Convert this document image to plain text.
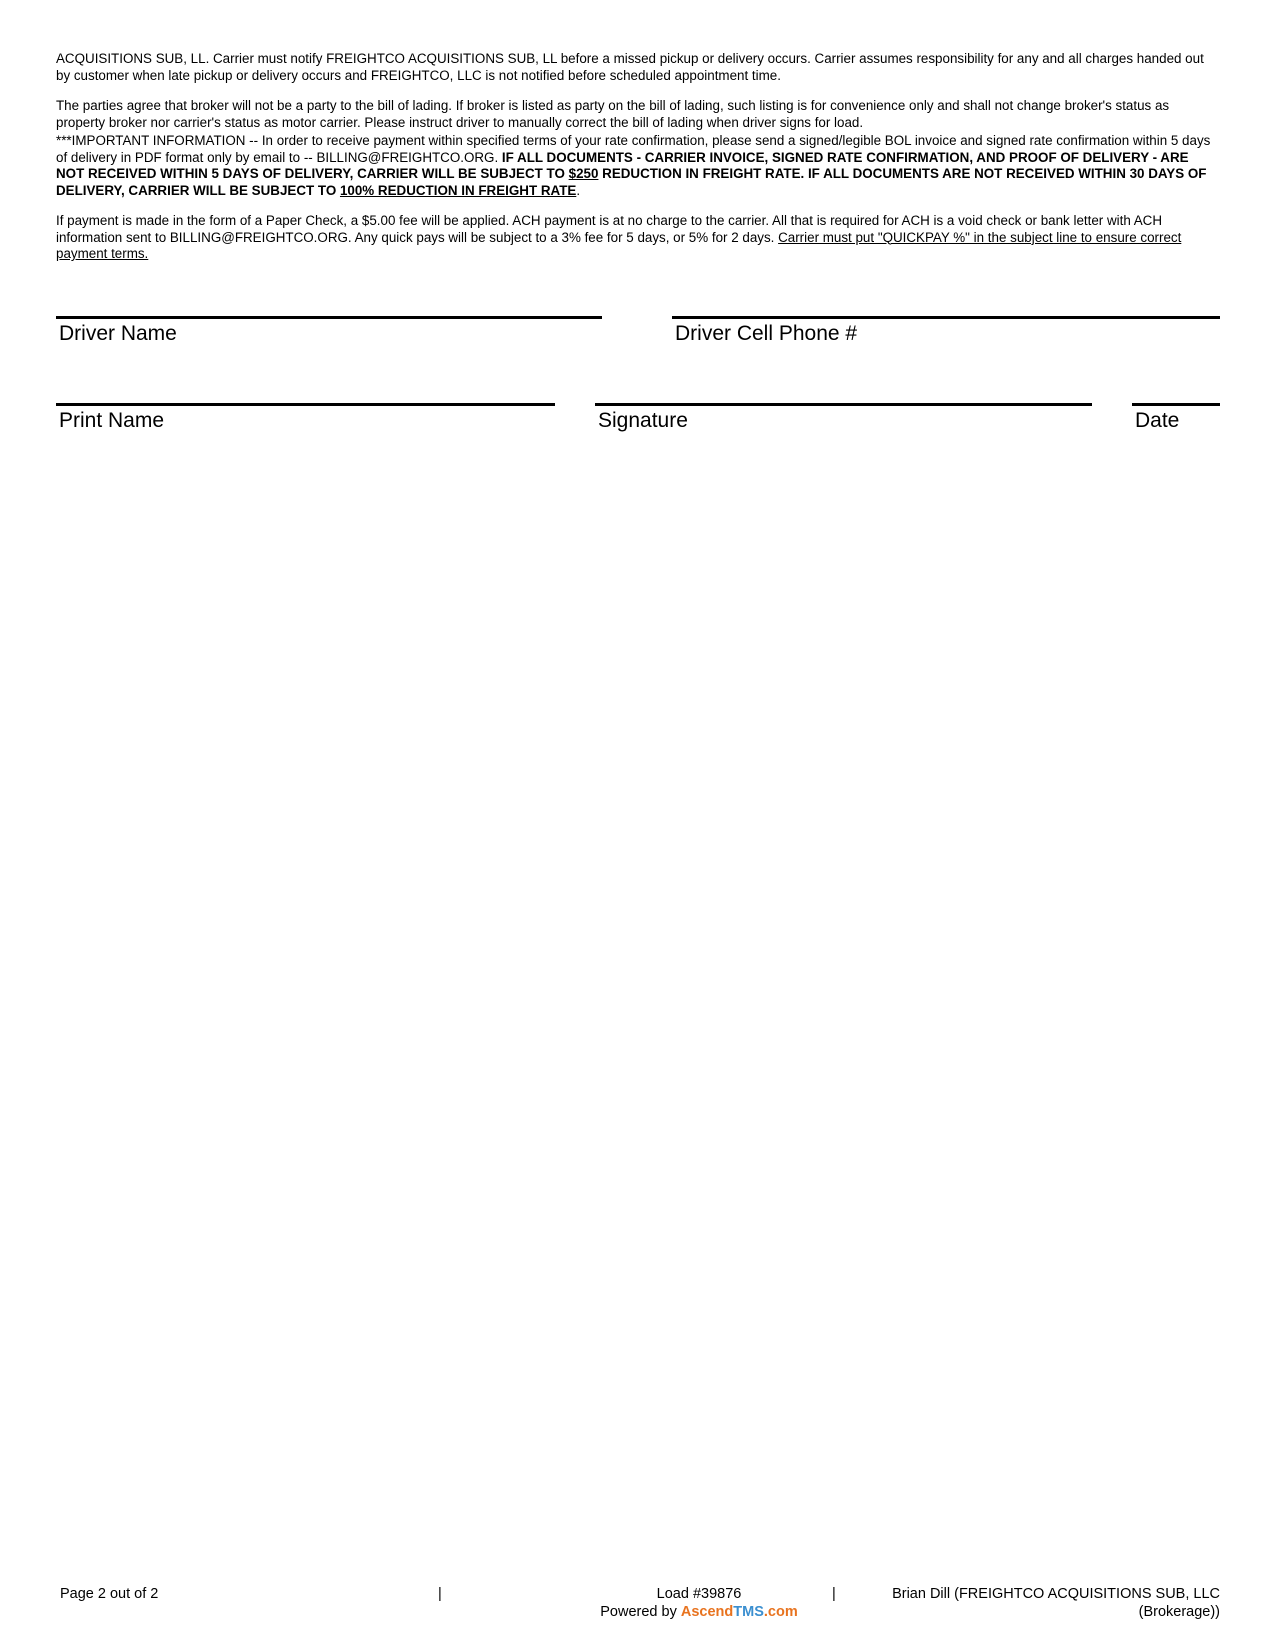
ACQUISITIONS SUB, LL. Carrier must notify FREIGHTCO ACQUISITIONS SUB, LL before a missed pickup or delivery occurs. Carrier assumes responsibility for any and all charges handed out by customer when late pickup or delivery occurs and FREIGHTCO, LLC is not notified before scheduled appointment time.

The parties agree that broker will not be a party to the bill of lading. If broker is listed as party on the bill of lading, such listing is for convenience only and shall not change broker's status as property broker nor carrier's status as motor carrier. Please instruct driver to manually correct the bill of lading when driver signs for load.

***IMPORTANT INFORMATION -- In order to receive payment within specified terms of your rate confirmation, please send a signed/legible BOL invoice and signed rate confirmation within 5 days of delivery in PDF format only by email to -- BILLING@FREIGHTCO.ORG. IF ALL DOCUMENTS - CARRIER INVOICE, SIGNED RATE CONFIRMATION, AND PROOF OF DELIVERY - ARE NOT RECEIVED WITHIN 5 DAYS OF DELIVERY, CARRIER WILL BE SUBJECT TO $250 REDUCTION IN FREIGHT RATE. IF ALL DOCUMENTS ARE NOT RECEIVED WITHIN 30 DAYS OF DELIVERY, CARRIER WILL BE SUBJECT TO 100% REDUCTION IN FREIGHT RATE.

If payment is made in the form of a Paper Check, a $5.00 fee will be applied. ACH payment is at no charge to the carrier. All that is required for ACH is a void check or bank letter with ACH information sent to BILLING@FREIGHTCO.ORG. Any quick pays will be subject to a 3% fee for 5 days, or 5% for 2 days. Carrier must put "QUICKPAY %" in the subject line to ensure correct payment terms.

Driver Name	Driver Cell Phone #
Print Name	Signature	Date
Page 2 out of 2	|	Load #39876
Powered by AscendTMS.com
|	Brian Dill (FREIGHTCO ACQUISITIONS SUB, LLC (Brokerage))
